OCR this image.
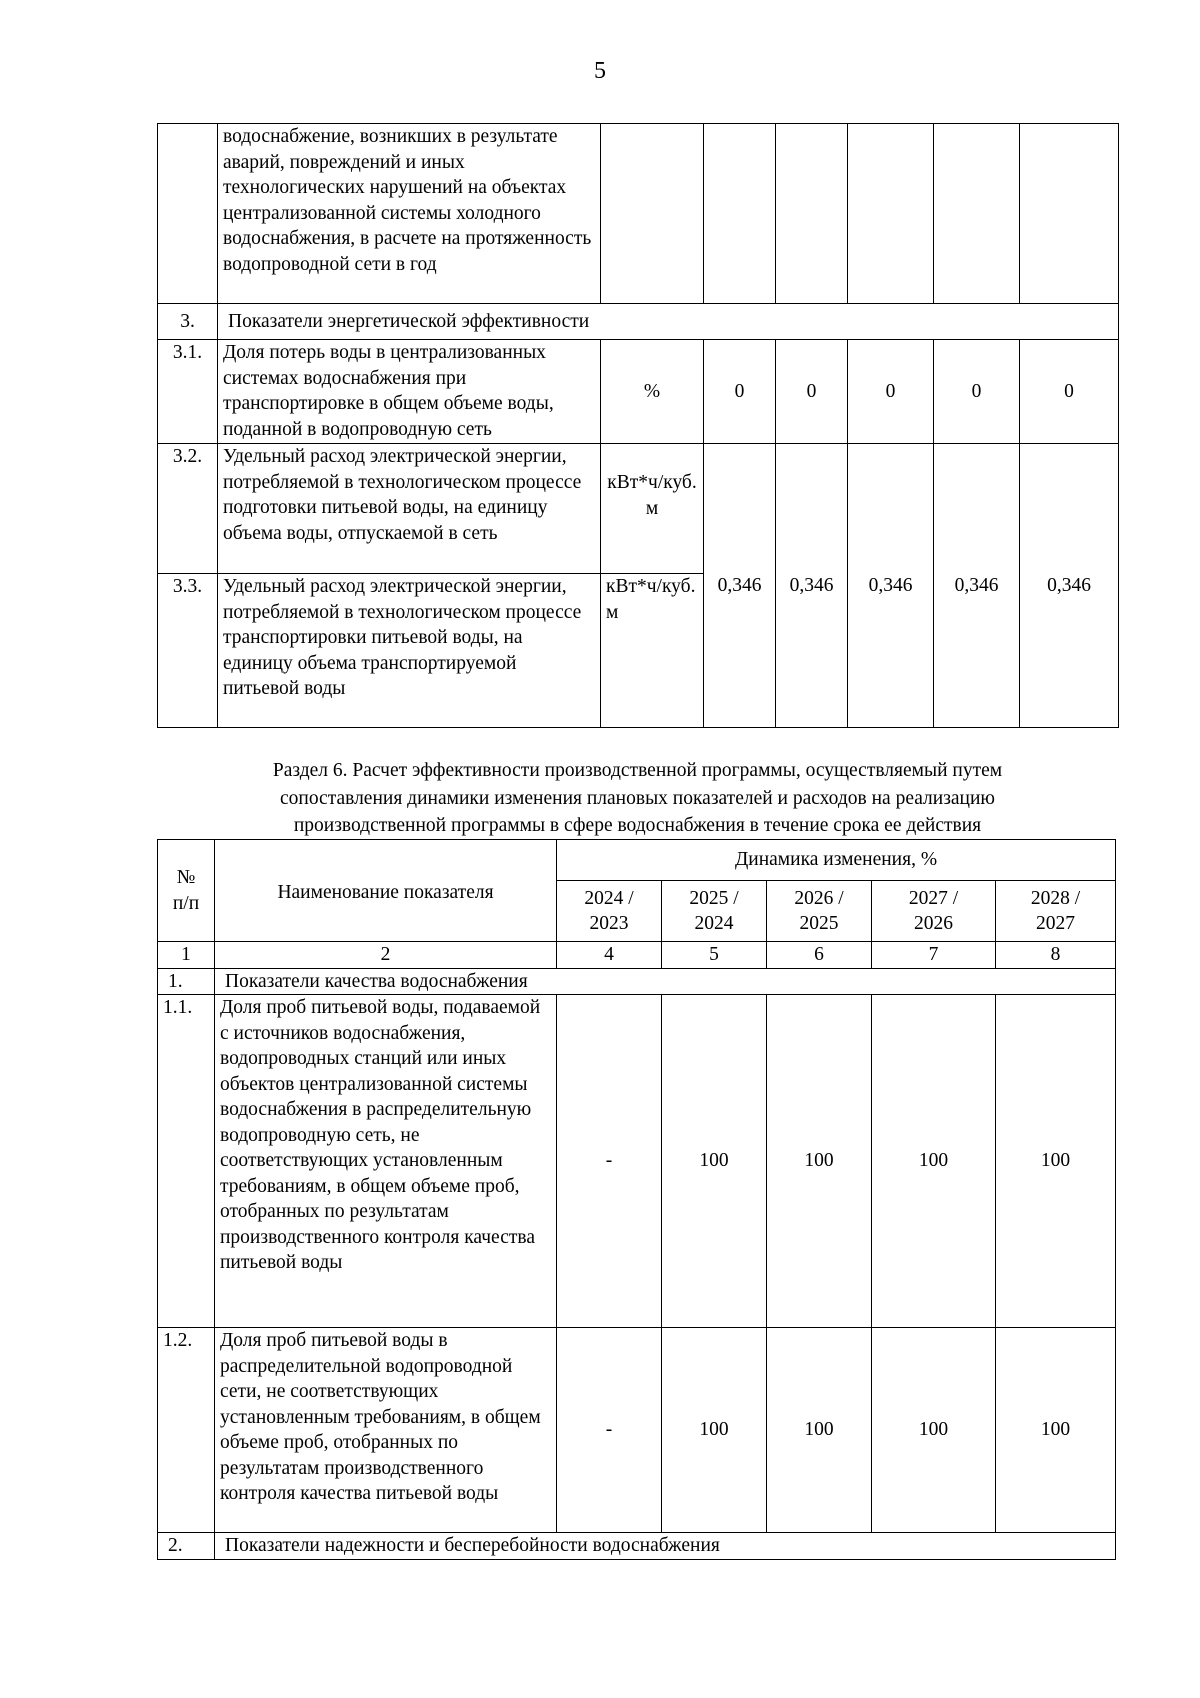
5
	водоснабжение, возникших в результате аварий, повреждений и иных технологических нарушений на объектах централизованной системы холодного водоснабжения, в расчете на протяженность водопроводной сети в год						
3.	Показатели энергетической эффективности						
3.1.	Доля потерь воды в централизованных системах водоснабжения при транспортировке в общем объеме воды, поданной в водопроводную сеть	%	0	0	0	0	0
3.2.	Удельный расход электрической энергии, потребляемой в технологическом процессе подготовки питьевой воды, на единицу объема воды, отпускаемой в сеть	кВт*ч/куб. м	0,346	0,346	0,346	0,346	0,346
3.3.	Удельный расход электрической энергии, потребляемой в технологическом процессе транспортировки питьевой воды, на единицу объема транспортируемой питьевой воды	кВт*ч/куб. м					
Раздел 6. Расчет эффективности производственной программы, осуществляемый путем
сопоставления динамики изменения плановых показателей и расходов на реализацию
производственной программы в сфере водоснабжения в течение срока ее действия
№ п/п	Наименование показателя	Динамика изменения, %				
		2024 / 2023	2025 / 2024	2026 / 2025	2027 / 2026	2028 / 2027
1	2	4	5	6	7	8
1.	Показатели качества водоснабжения					
1.1.	Доля проб питьевой воды, подаваемой с источников водоснабжения, водопроводных станций или иных объектов централизованной системы водоснабжения в распределительную водопроводную сеть, не соответствующих установленным требованиям, в общем объеме проб, отобранных по результатам производственного контроля качества питьевой воды	-	100	100	100	100
1.2.	Доля проб питьевой воды в распределительной водопроводной сети, не соответствующих установленным требованиям, в общем объеме проб, отобранных по результатам производственного контроля качества питьевой воды	-	100	100	100	100
2.	Показатели надежности и бесперебойности водоснабжения					
